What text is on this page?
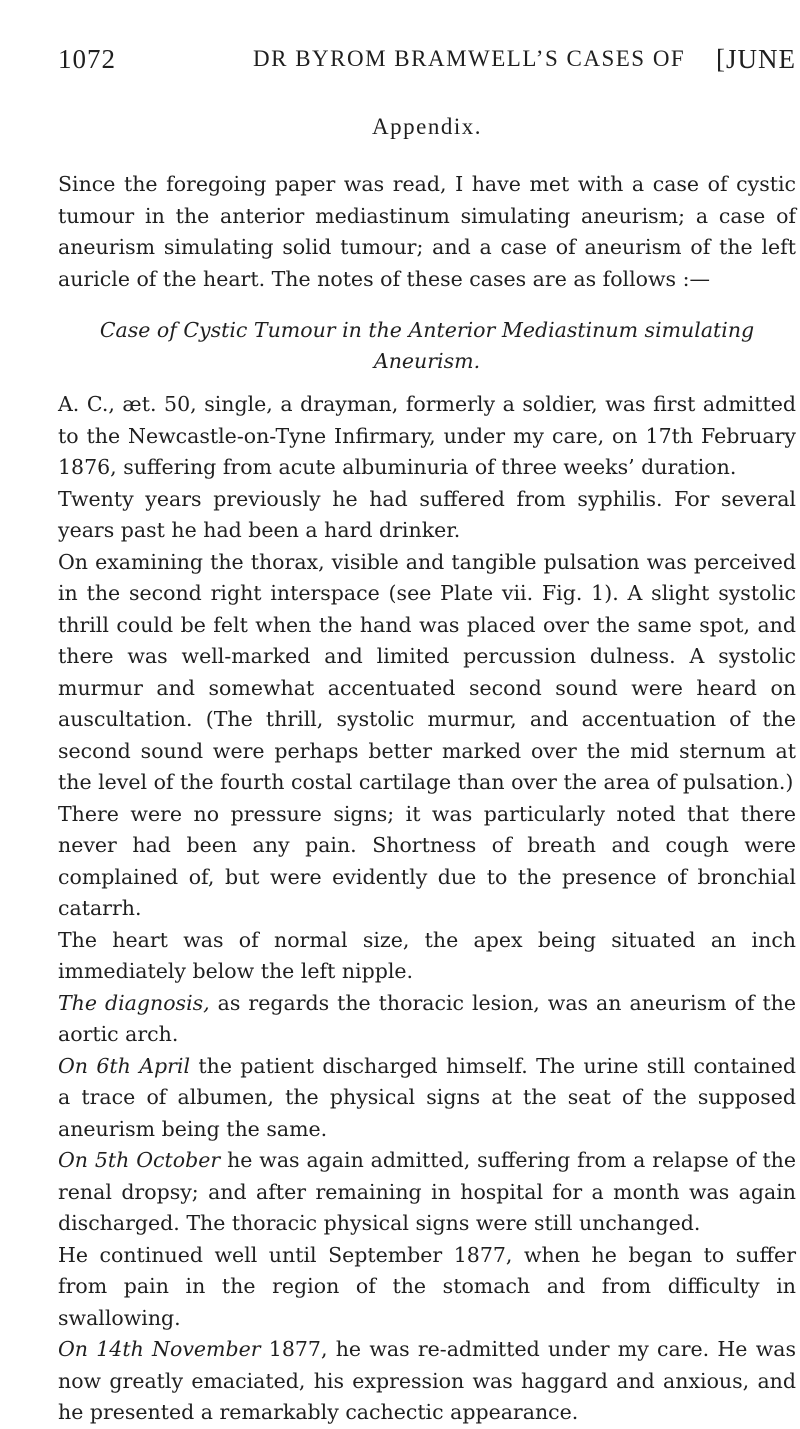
1072	DR BYROM BRAMWELL’S CASES OF [JUNE
Appendix.

Since the foregoing paper was read, I have met with a case of cystic tumour in the anterior mediastinum simulating aneurism; a case of aneurism simulating solid tumour; and a case of aneurism of the left auricle of the heart. The notes of these cases are as follows :—

Case of Cystic Tumour in the Anterior Mediastinum simulating Aneurism.

A. C., æt. 50, single, a drayman, formerly a soldier, was first admitted to the Newcastle-on-Tyne Infirmary, under my care, on 17th February 1876, suffering from acute albuminuria of three weeks’ duration.

Twenty years previously he had suffered from syphilis. For several years past he had been a hard drinker.

On examining the thorax, visible and tangible pulsation was perceived in the second right interspace (see Plate vii. Fig. 1). A slight systolic thrill could be felt when the hand was placed over the same spot, and there was well-marked and limited percussion dulness. A systolic murmur and somewhat accentuated second sound were heard on auscultation. (The thrill, systolic murmur, and accentuation of the second sound were perhaps better marked over the mid sternum at the level of the fourth costal cartilage than over the area of pulsation.)

There were no pressure signs; it was particularly noted that there never had been any pain. Shortness of breath and cough were complained of, but were evidently due to the presence of bronchial catarrh.

The heart was of normal size, the apex being situated an inch immediately below the left nipple.

The diagnosis, as regards the thoracic lesion, was an aneurism of the aortic arch.

On 6th April the patient discharged himself. The urine still contained a trace of albumen, the physical signs at the seat of the supposed aneurism being the same.

On 5th October he was again admitted, suffering from a relapse of the renal dropsy; and after remaining in hospital for a month was again discharged. The thoracic physical signs were still unchanged.

He continued well until September 1877, when he began to suffer from pain in the region of the stomach and from difficulty in swallowing.

On 14th November 1877, he was re-admitted under my care. He was now greatly emaciated, his expression was haggard and anxious, and he presented a remarkably cachectic appearance.
